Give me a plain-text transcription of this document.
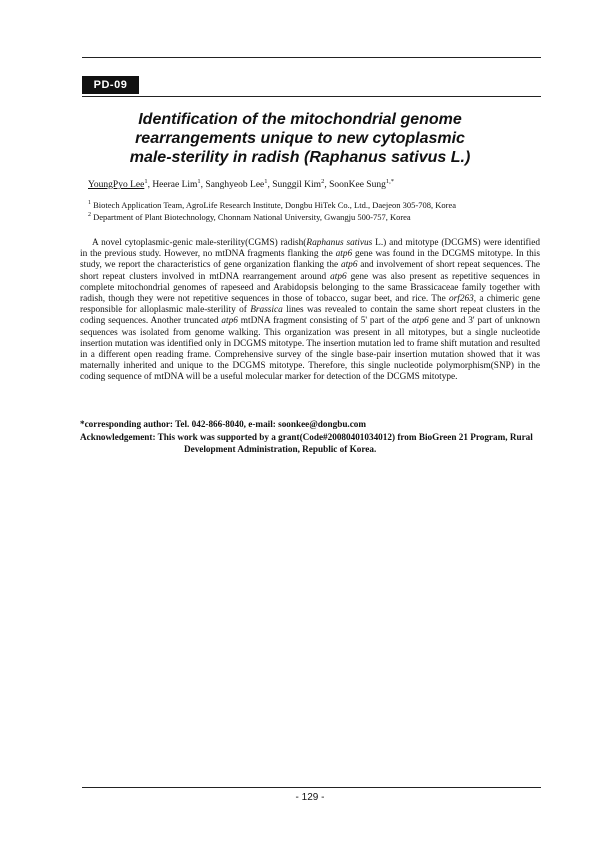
PD-09
Identification of the mitochondrial genome
rearrangements unique to new cytoplasmic
male-sterility in radish (Raphanus sativus L.)
YoungPyo Lee$^1$, Heerae Lim$^1$, Sanghyeob Lee$^1$, Sunggil Kim$^2$, SoonKee Sung$^{1,*}$
$^1$ Biotech Application Team, AgroLife Research Institute, Dongbu HiTek Co., Ltd., Daejeon 305-708, Korea
$^2$ Department of Plant Biotechnology, Chonnam National University, Gwangju 500-757, Korea
A novel cytoplasmic-genic male-sterility(CGMS) radish(Raphanus sativus L.) and mitotype (DCGMS) were identified in the previous study. However, no mtDNA fragments flanking the atp6 gene was found in the DCGMS mitotype. In this study, we report the characteristics of gene organization flanking the atp6 and involvement of short repeat sequences. The short repeat clusters involved in mtDNA rearrangement around atp6 gene was also present as repetitive sequences in complete mitochondrial genomes of rapeseed and Arabidopsis belonging to the same Brassicaceae family together with radish, though they were not repetitive sequences in those of tobacco, sugar beet, and rice. The orf263, a chimeric gene responsible for alloplasmic male-sterility of Brassica lines was revealed to contain the same short repeat clusters in the coding sequences. Another truncated atp6 mtDNA fragment consisting of 5' part of the atp6 gene and 3' part of unknown sequences was isolated from genome walking. This organization was present in all mitotypes, but a single nucleotide insertion mutation was identified only in DCGMS mitotype. The insertion mutation led to frame shift mutation and resulted in a different open reading frame. Comprehensive survey of the single base-pair insertion mutation showed that it was maternally inherited and unique to the DCGMS mitotype. Therefore, this single nucleotide polymorphism(SNP) in the coding sequence of mtDNA will be a useful molecular marker for detection of the DCGMS mitotype.
*corresponding author: Tel. 042-866-8040, e-mail: soonkee@dongbu.com
Acknowledgement: This work was supported by a grant(Code#20080401034012) from BioGreen 21 Program, Rural
Development Administration, Republic of Korea.
- 129 -
